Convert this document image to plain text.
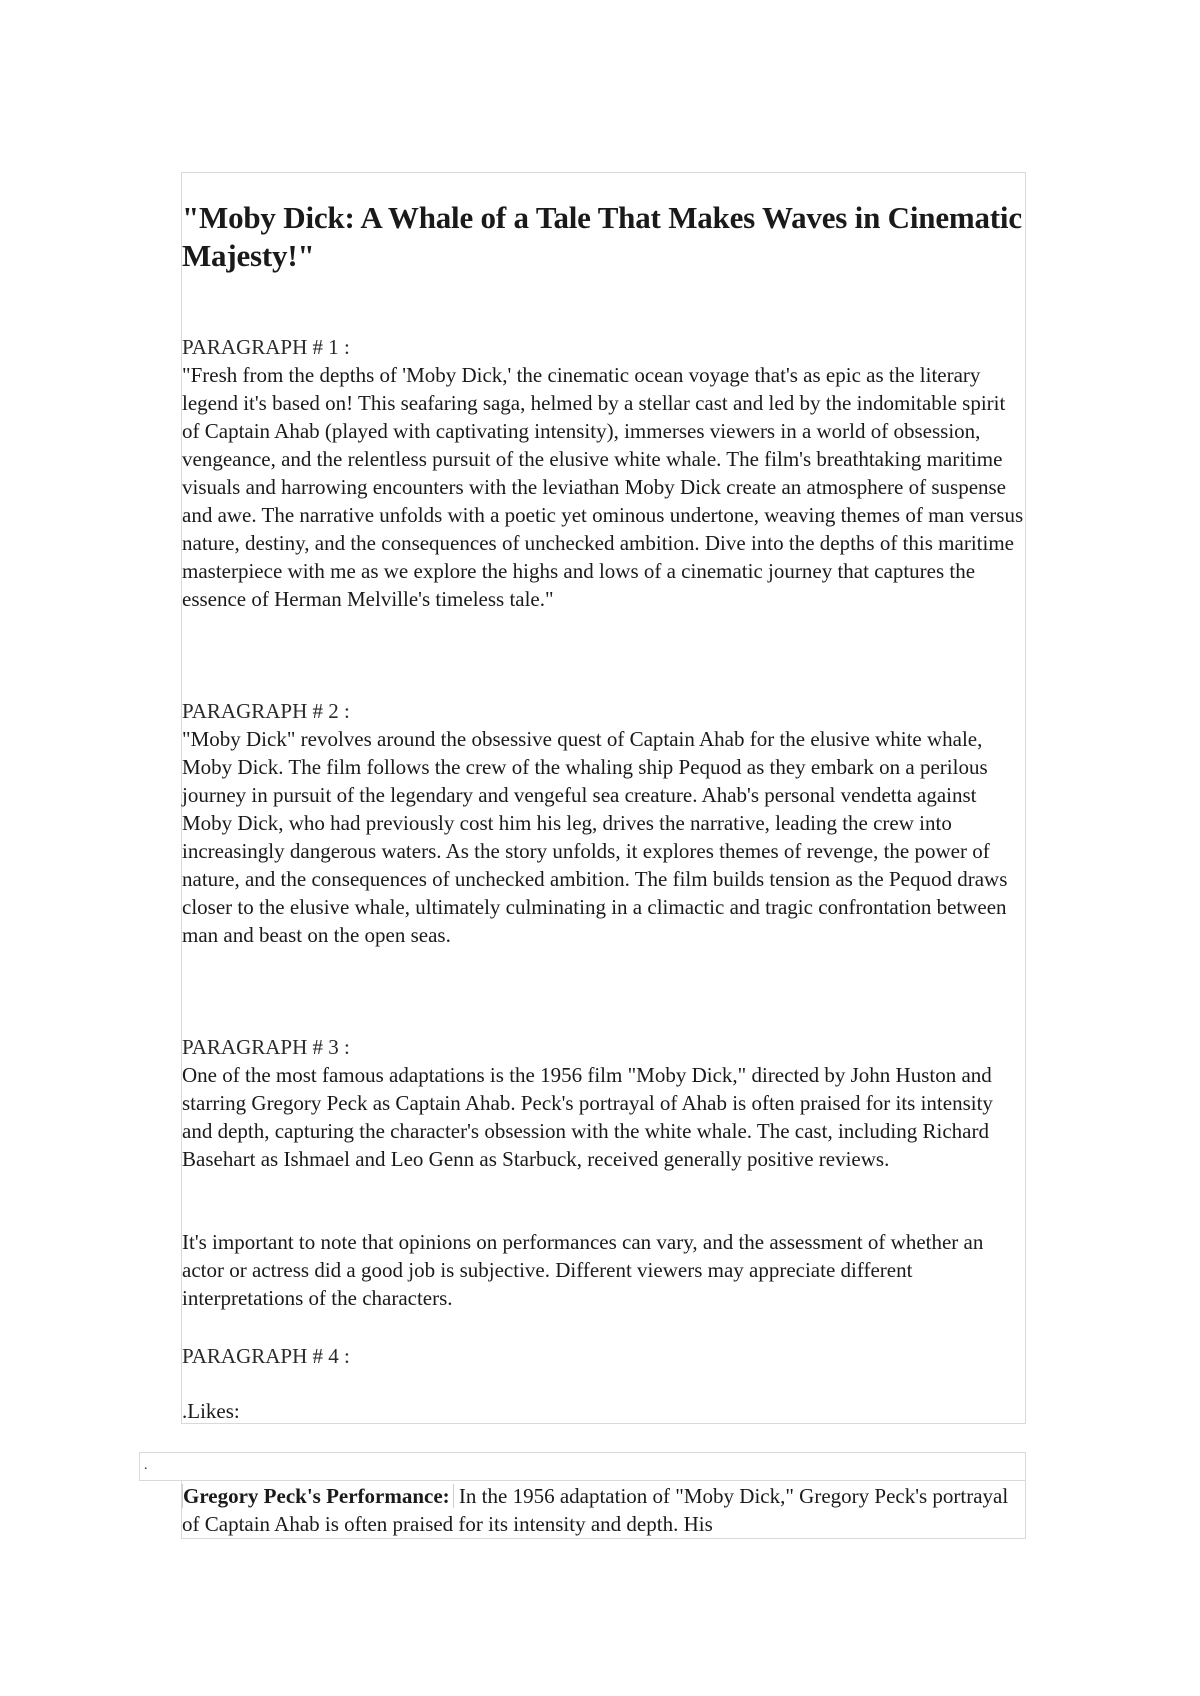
"Moby Dick: A Whale of a Tale That Makes Waves in Cinematic Majesty!"

PARAGRAPH # 1 :

"Fresh from the depths of 'Moby Dick,' the cinematic ocean voyage that's as epic as the literary legend it's based on! This seafaring saga, helmed by a stellar cast and led by the indomitable spirit of Captain Ahab (played with captivating intensity), immerses viewers in a world of obsession, vengeance, and the relentless pursuit of the elusive white whale. The film's breathtaking maritime visuals and harrowing encounters with the leviathan Moby Dick create an atmosphere of suspense and awe. The narrative unfolds with a poetic yet ominous undertone, weaving themes of man versus nature, destiny, and the consequences of unchecked ambition. Dive into the depths of this maritime masterpiece with me as we explore the highs and lows of a cinematic journey that captures the essence of Herman Melville's timeless tale."

PARAGRAPH # 2 :

"Moby Dick" revolves around the obsessive quest of Captain Ahab for the elusive white whale, Moby Dick. The film follows the crew of the whaling ship Pequod as they embark on a perilous journey in pursuit of the legendary and vengeful sea creature. Ahab's personal vendetta against Moby Dick, who had previously cost him his leg, drives the narrative, leading the crew into increasingly dangerous waters. As the story unfolds, it explores themes of revenge, the power of nature, and the consequences of unchecked ambition. The film builds tension as the Pequod draws closer to the elusive whale, ultimately culminating in a climactic and tragic confrontation between man and beast on the open seas.

PARAGRAPH # 3 :

One of the most famous adaptations is the 1956 film "Moby Dick," directed by John Huston and starring Gregory Peck as Captain Ahab. Peck's portrayal of Ahab is often praised for its intensity and depth, capturing the character's obsession with the white whale. The cast, including Richard Basehart as Ishmael and Leo Genn as Starbuck, received generally positive reviews.

It's important to note that opinions on performances can vary, and the assessment of whether an actor or actress did a good job is subjective. Different viewers may appreciate different interpretations of the characters.

PARAGRAPH # 4 :

.Likes:

.

Gregory Peck's Performance: In the 1956 adaptation of "Moby Dick," Gregory Peck's portrayal of Captain Ahab is often praised for its intensity and depth. His
